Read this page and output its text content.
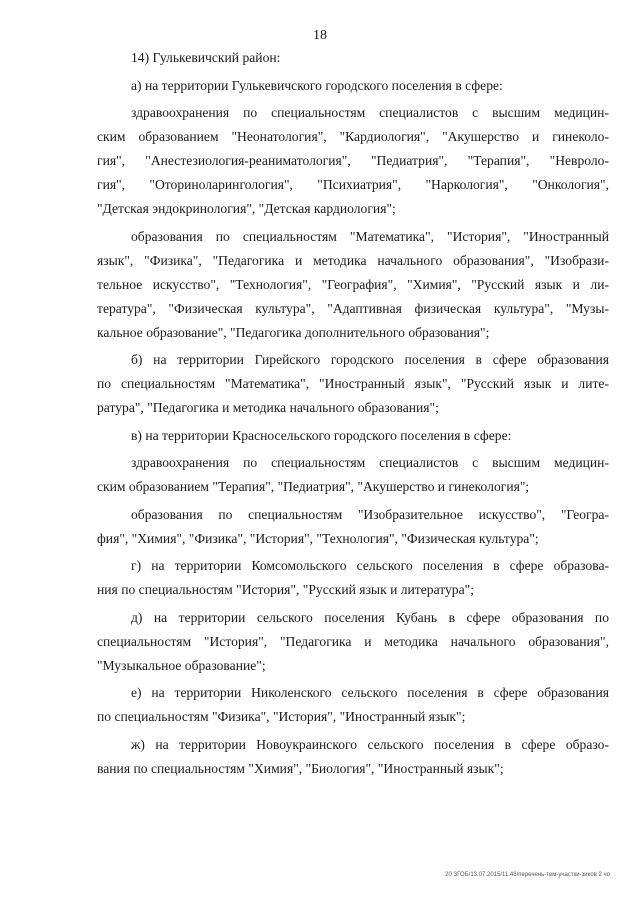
18
14) Гулькевичский район:
а) на территории Гулькевичского городского поселения в сфере:
здравоохранения по специальностям специалистов с высшим медицин-
ским образованием "Неонатология", "Кардиология", "Акушерство и гинеколо-
гия", "Анестезиология-реаниматология", "Педиатрия", "Терапия", "Невроло-
гия", "Оториноларингология", "Психиатрия", "Наркология", "Онкология",
"Детская эндокринология", "Детская кардиология";
образования по специальностям "Математика", "История", "Иностранный
язык", "Физика", "Педагогика и методика начального образования", "Изобрази-
тельное искусство", "Технология", "География", "Химия", "Русский язык и ли-
тература", "Физическая культура", "Адаптивная физическая культура", "Музы-
кальное образование", "Педагогика дополнительного образования";
б) на территории Гирейского городского поселения в сфере образования
по специальностям "Математика", "Иностранный язык", "Русский язык и лите-
ратура", "Педагогика и методика начального образования";
в) на территории Красносельского городского поселения в сфере:
здравоохранения по специальностям специалистов с высшим медицин-
ским образованием "Терапия", "Педиатрия", "Акушерство и гинекология";
образования по специальностям "Изобразительное искусство", "Геогра-
фия", "Химия", "Физика", "История", "Технология", "Физическая культура";
г) на территории Комсомольского сельского поселения в сфере образова-
ния по специальностям "История", "Русский язык и литература";
д) на территории сельского поселения Кубань в сфере образования по
специальностям "История", "Педагогика и методика начального образования",
"Музыкальное образование";
е) на территории Николенского сельского поселения в сфере образования
по специальностям "Физика", "История", "Иностранный язык";
ж) на территории Новоукраинского сельского поселения в сфере образо-
вания по специальностям "Химия", "Биология", "Иностранный язык";
20 ЗГОБ/13.07.2015/11.48/перечень-тем-участки-зиков 2 чо
